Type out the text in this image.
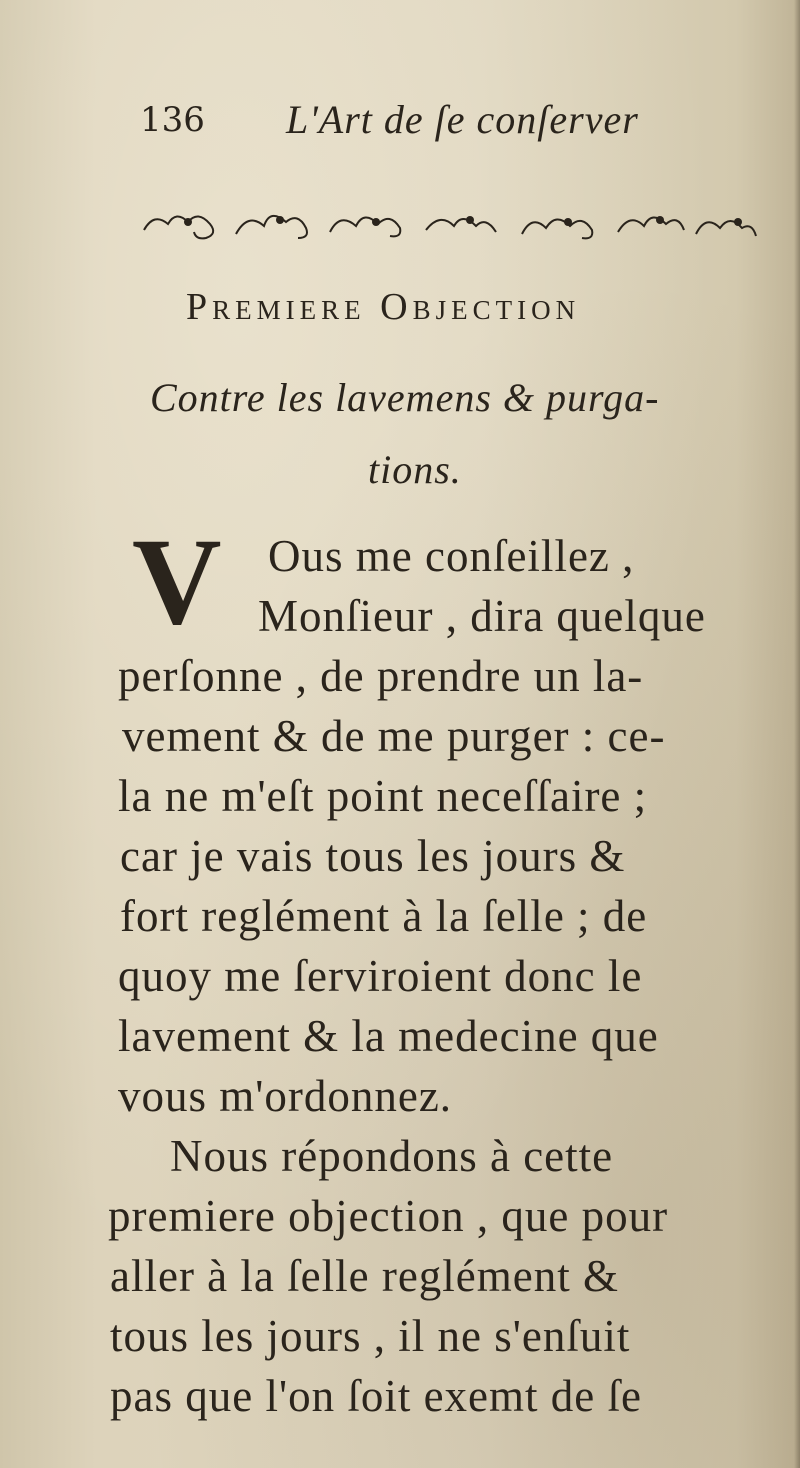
136 L'Art de ſe conſerver
Premiere Objection
Contre les lavemens & purga-
tions.
V Ous me conſeillez ,
Monſieur , dira quelque
perſonne , de prendre un la-
vement & de me purger : ce-
la ne m'eſt point neceſſaire ;
car je vais tous les jours &
fort reglément à la ſelle ; de
quoy me ſerviroient donc le
lavement & la medecine que
vous m'ordonnez.
Nous répondons à cette
premiere objection , que pour
aller à la ſelle reglément &
tous les jours , il ne s'enſuit
pas que l'on ſoit exemt de ſe
